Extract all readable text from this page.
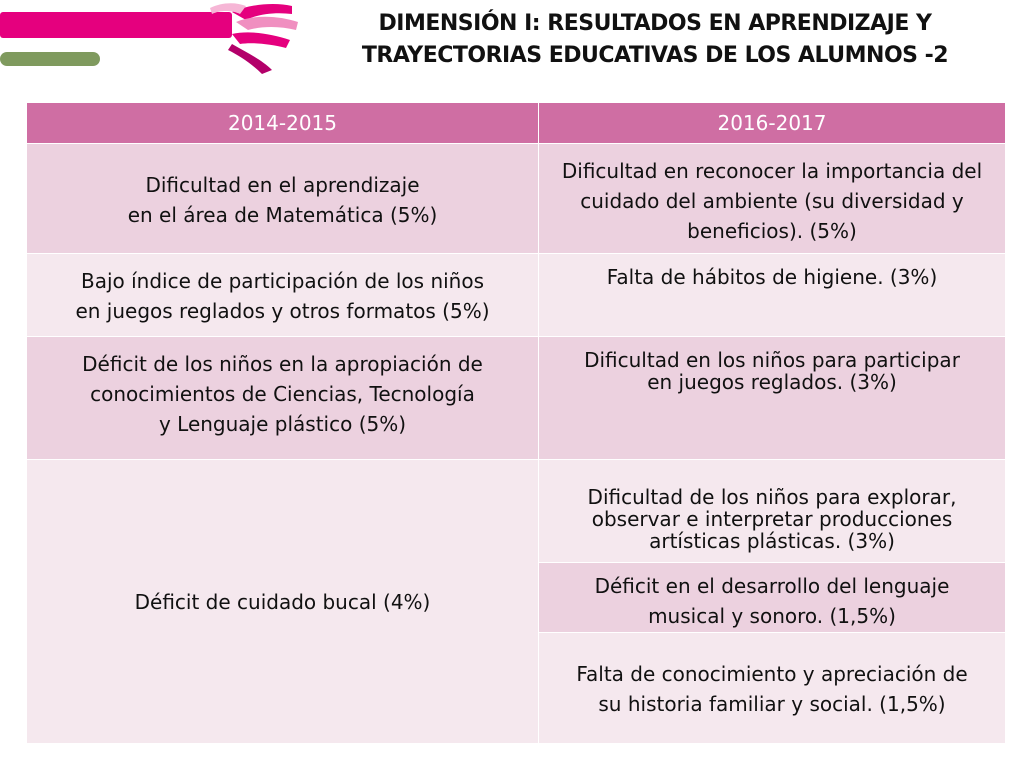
DIMENSIÓN I: RESULTADOS EN APRENDIZAJE Y
TRAYECTORIAS EDUCATIVAS DE LOS ALUMNOS -2
2014-2015	2016-2017

Dificultad en el aprendizaje
en el área de Matemática (5%)	Dificultad en reconocer la importancia del
cuidado del ambiente (su diversidad y
beneficios). (5%)

Bajo índice de participación de los niños
en juegos reglados y otros formatos (5%)	Falta de hábitos de higiene. (3%)

Déficit de los niños en la apropiación de
conocimientos de Ciencias, Tecnología
y Lenguaje plástico (5%)	Dificultad en los niños para participar
en juegos reglados. (3%)

Déficit de cuidado bucal (4%)	Dificultad de los niños para explorar,
observar e interpretar producciones
artísticas plásticas. (3%)

	Déficit en el desarrollo del lenguaje
musical y sonoro. (1,5%)

	Falta de conocimiento y apreciación de
su historia familiar y social. (1,5%)
